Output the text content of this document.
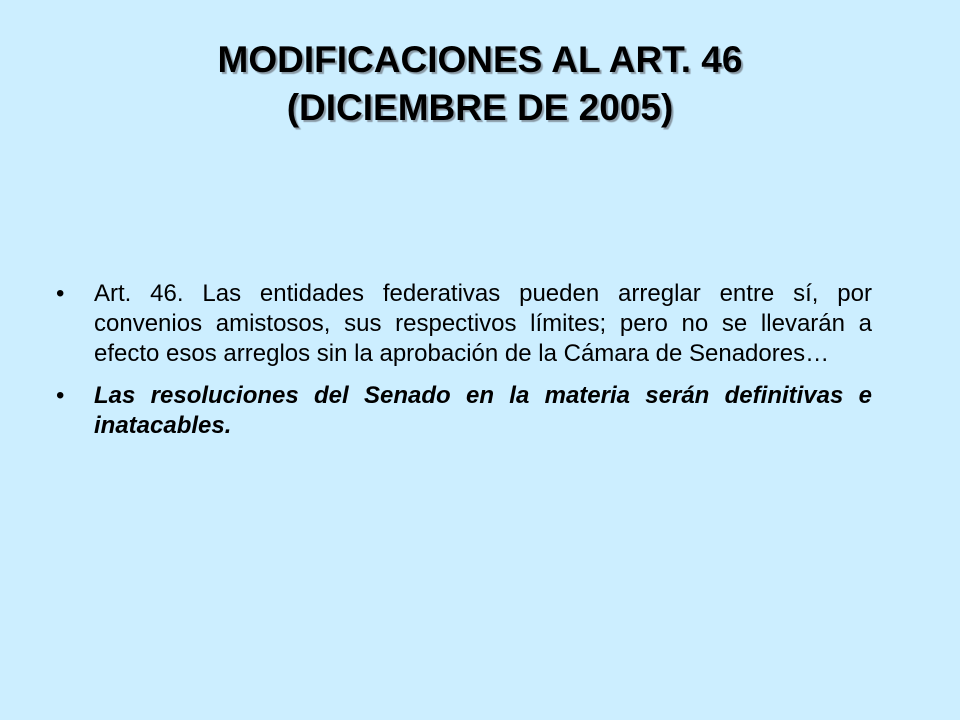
MODIFICACIONES AL ART. 46
(DICIEMBRE DE 2005)
•	Art. 46. Las entidades federativas pueden arreglar entre sí, por convenios amistosos, sus respectivos límites; pero no se llevarán a efecto esos arreglos sin la aprobación de la Cámara de Senadores…
•	Las resoluciones del Senado en la materia serán definitivas e inatacables.
